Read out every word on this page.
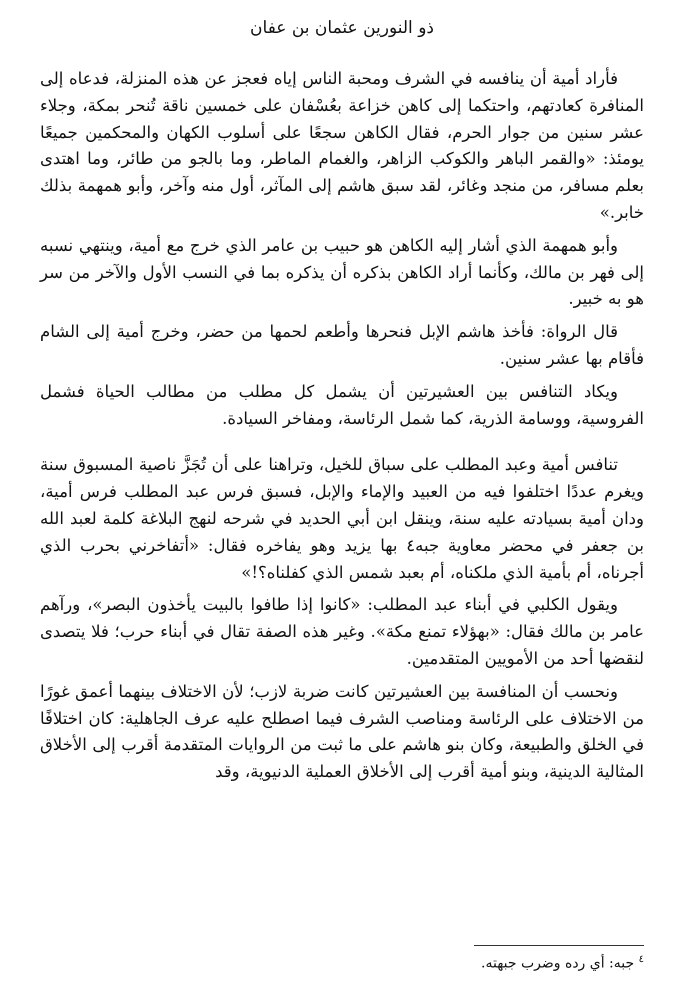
ذو النورين عثمان بن عفان

فأراد أمية أن ينافسه في الشرف ومحبة الناس إياه فعجز عن هذه المنزلة، فدعاه إلى المنافرة كعادتهم، واحتكما إلى كاهن خزاعة بعُسْفان على خمسين ناقة تُنحر بمكة، وجلاء عشر سنين من جوار الحرم، فقال الكاهن سجعًا على أسلوب الكهان والمحكمين جميعًا يومئذ: «والقمر الباهر والكوكب الزاهر، والغمام الماطر، وما بالجو من طائر، وما اهتدى بعلم مسافر، من منجد وغائر، لقد سبق هاشم إلى المآثر، أول منه وآخر، وأبو همهمة بذلك خابر.»

وأبو همهمة الذي أشار إليه الكاهن هو حبيب بن عامر الذي خرج مع أمية، وينتهي نسبه إلى فهر بن مالك، وكأنما أراد الكاهن بذكره أن يذكره بما في النسب الأول والآخر من سر هو به خبير.

قال الرواة: فأخذ هاشم الإبل فنحرها وأطعم لحمها من حضر، وخرج أمية إلى الشام فأقام بها عشر سنين.

ويكاد التنافس بين العشيرتين أن يشمل كل مطلب من مطالب الحياة فشمل الفروسية، ووسامة الذرية، كما شمل الرئاسة، ومفاخر السيادة.

تنافس أمية وعبد المطلب على سباق للخيل، وتراهنا على أن تُجَزَّ ناصية المسبوق سنة ويغرم عددًا اختلفوا فيه من العبيد والإماء والإبل، فسبق فرس عبد المطلب فرس أمية، ودان أمية بسيادته عليه سنة، وينقل ابن أبي الحديد في شرحه لنهج البلاغة كلمة لعبد الله بن جعفر في محضر معاوية جبه٤ بها يزيد وهو يفاخره فقال: «أتفاخرني بحرب الذي أجرناه، أم بأمية الذي ملكناه، أم بعبد شمس الذي كفلناه؟!»

ويقول الكلبي في أبناء عبد المطلب: «كانوا إذا طافوا بالبيت يأخذون البصر»، ورآهم عامر بن مالك فقال: «بهؤلاء تمنع مكة». وغير هذه الصفة تقال في أبناء حرب؛ فلا يتصدى لنقضها أحد من الأمويين المتقدمين.

ونحسب أن المنافسة بين العشيرتين كانت ضربة لازب؛ لأن الاختلاف بينهما أعمق غورًا من الاختلاف على الرئاسة ومناصب الشرف فيما اصطلح عليه عرف الجاهلية: كان اختلافًا في الخلق والطبيعة، وكان بنو هاشم على ما ثبت من الروايات المتقدمة أقرب إلى الأخلاق المثالية الدينية، وبنو أمية أقرب إلى الأخلاق العملية الدنيوية، وقد

$^٤$ جبه: أي رده وضرب جبهته.
